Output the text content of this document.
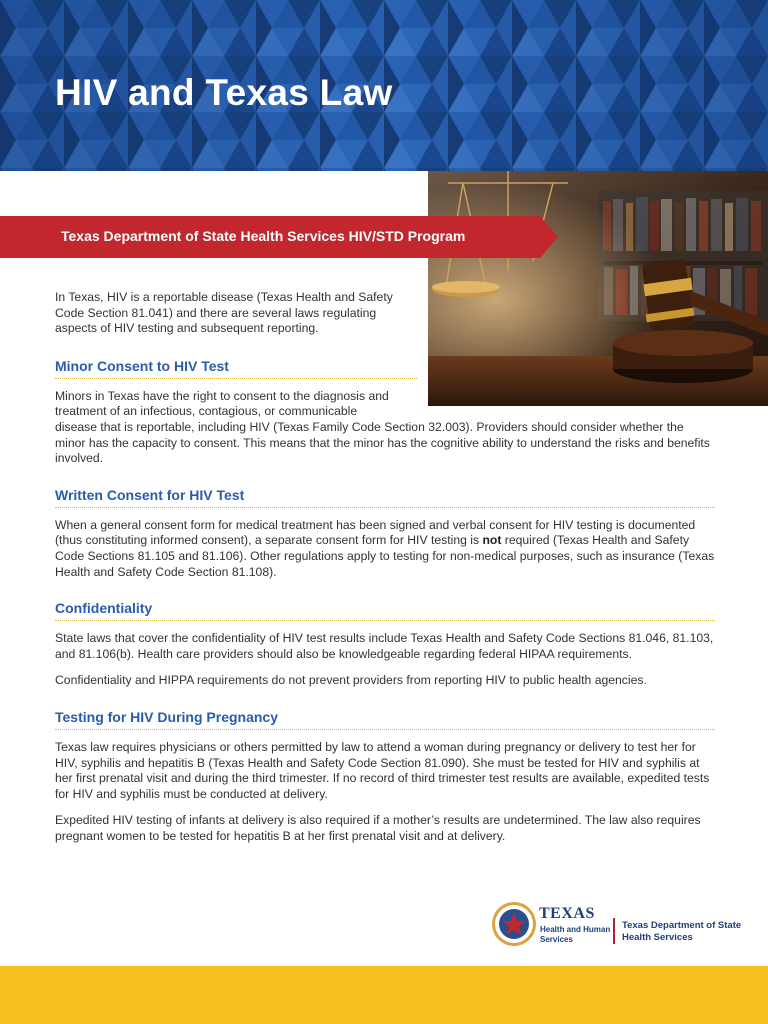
HIV and Texas Law
Texas Department of State Health Services HIV/STD Program

In Texas, HIV is a reportable disease (Texas Health and Safety Code Section 81.041) and there are several laws regulating aspects of HIV testing and subsequent reporting.

Minor Consent to HIV Test

Minors in Texas have the right to consent to the diagnosis and treatment of an infectious, contagious, or communicable
disease that is reportable, including HIV (Texas Family Code Section 32.003). Providers should consider whether the minor has the capacity to consent. This means that the minor has the cognitive ability to understand the risks and benefits involved.

Written Consent for HIV Test

When a general consent form for medical treatment has been signed and verbal consent for HIV testing is documented (thus constituting informed consent), a separate consent form for HIV testing is not required (Texas Health and Safety Code Sections 81.105 and 81.106). Other regulations apply to testing for non-medical purposes, such as insurance (Texas Health and Safety Code Section 81.108).

Confidentiality

State laws that cover the confidentiality of HIV test results include Texas Health and Safety Code Sections 81.046, 81.103, and 81.106(b). Health care providers should also be knowledgeable regarding federal HIPAA requirements.

Confidentiality and HIPPA requirements do not prevent providers from reporting HIV to public health agencies.

Testing for HIV During Pregnancy

Texas law requires physicians or others permitted by law to attend a woman during pregnancy or delivery to test her for HIV, syphilis and hepatitis B (Texas Health and Safety Code Section 81.090). She must be tested for HIV and syphilis at her first prenatal visit and during the third trimester. If no record of third trimester test results are available, expedited tests for HIV and syphilis must be conducted at delivery.

Expedited HIV testing of infants at delivery is also required if a mother’s results are undetermined. The law also requires pregnant women to be tested for hepatitis B at her first prenatal visit and at delivery.

TEXAS
Health and Human
Services
Texas Department of State
Health Services
